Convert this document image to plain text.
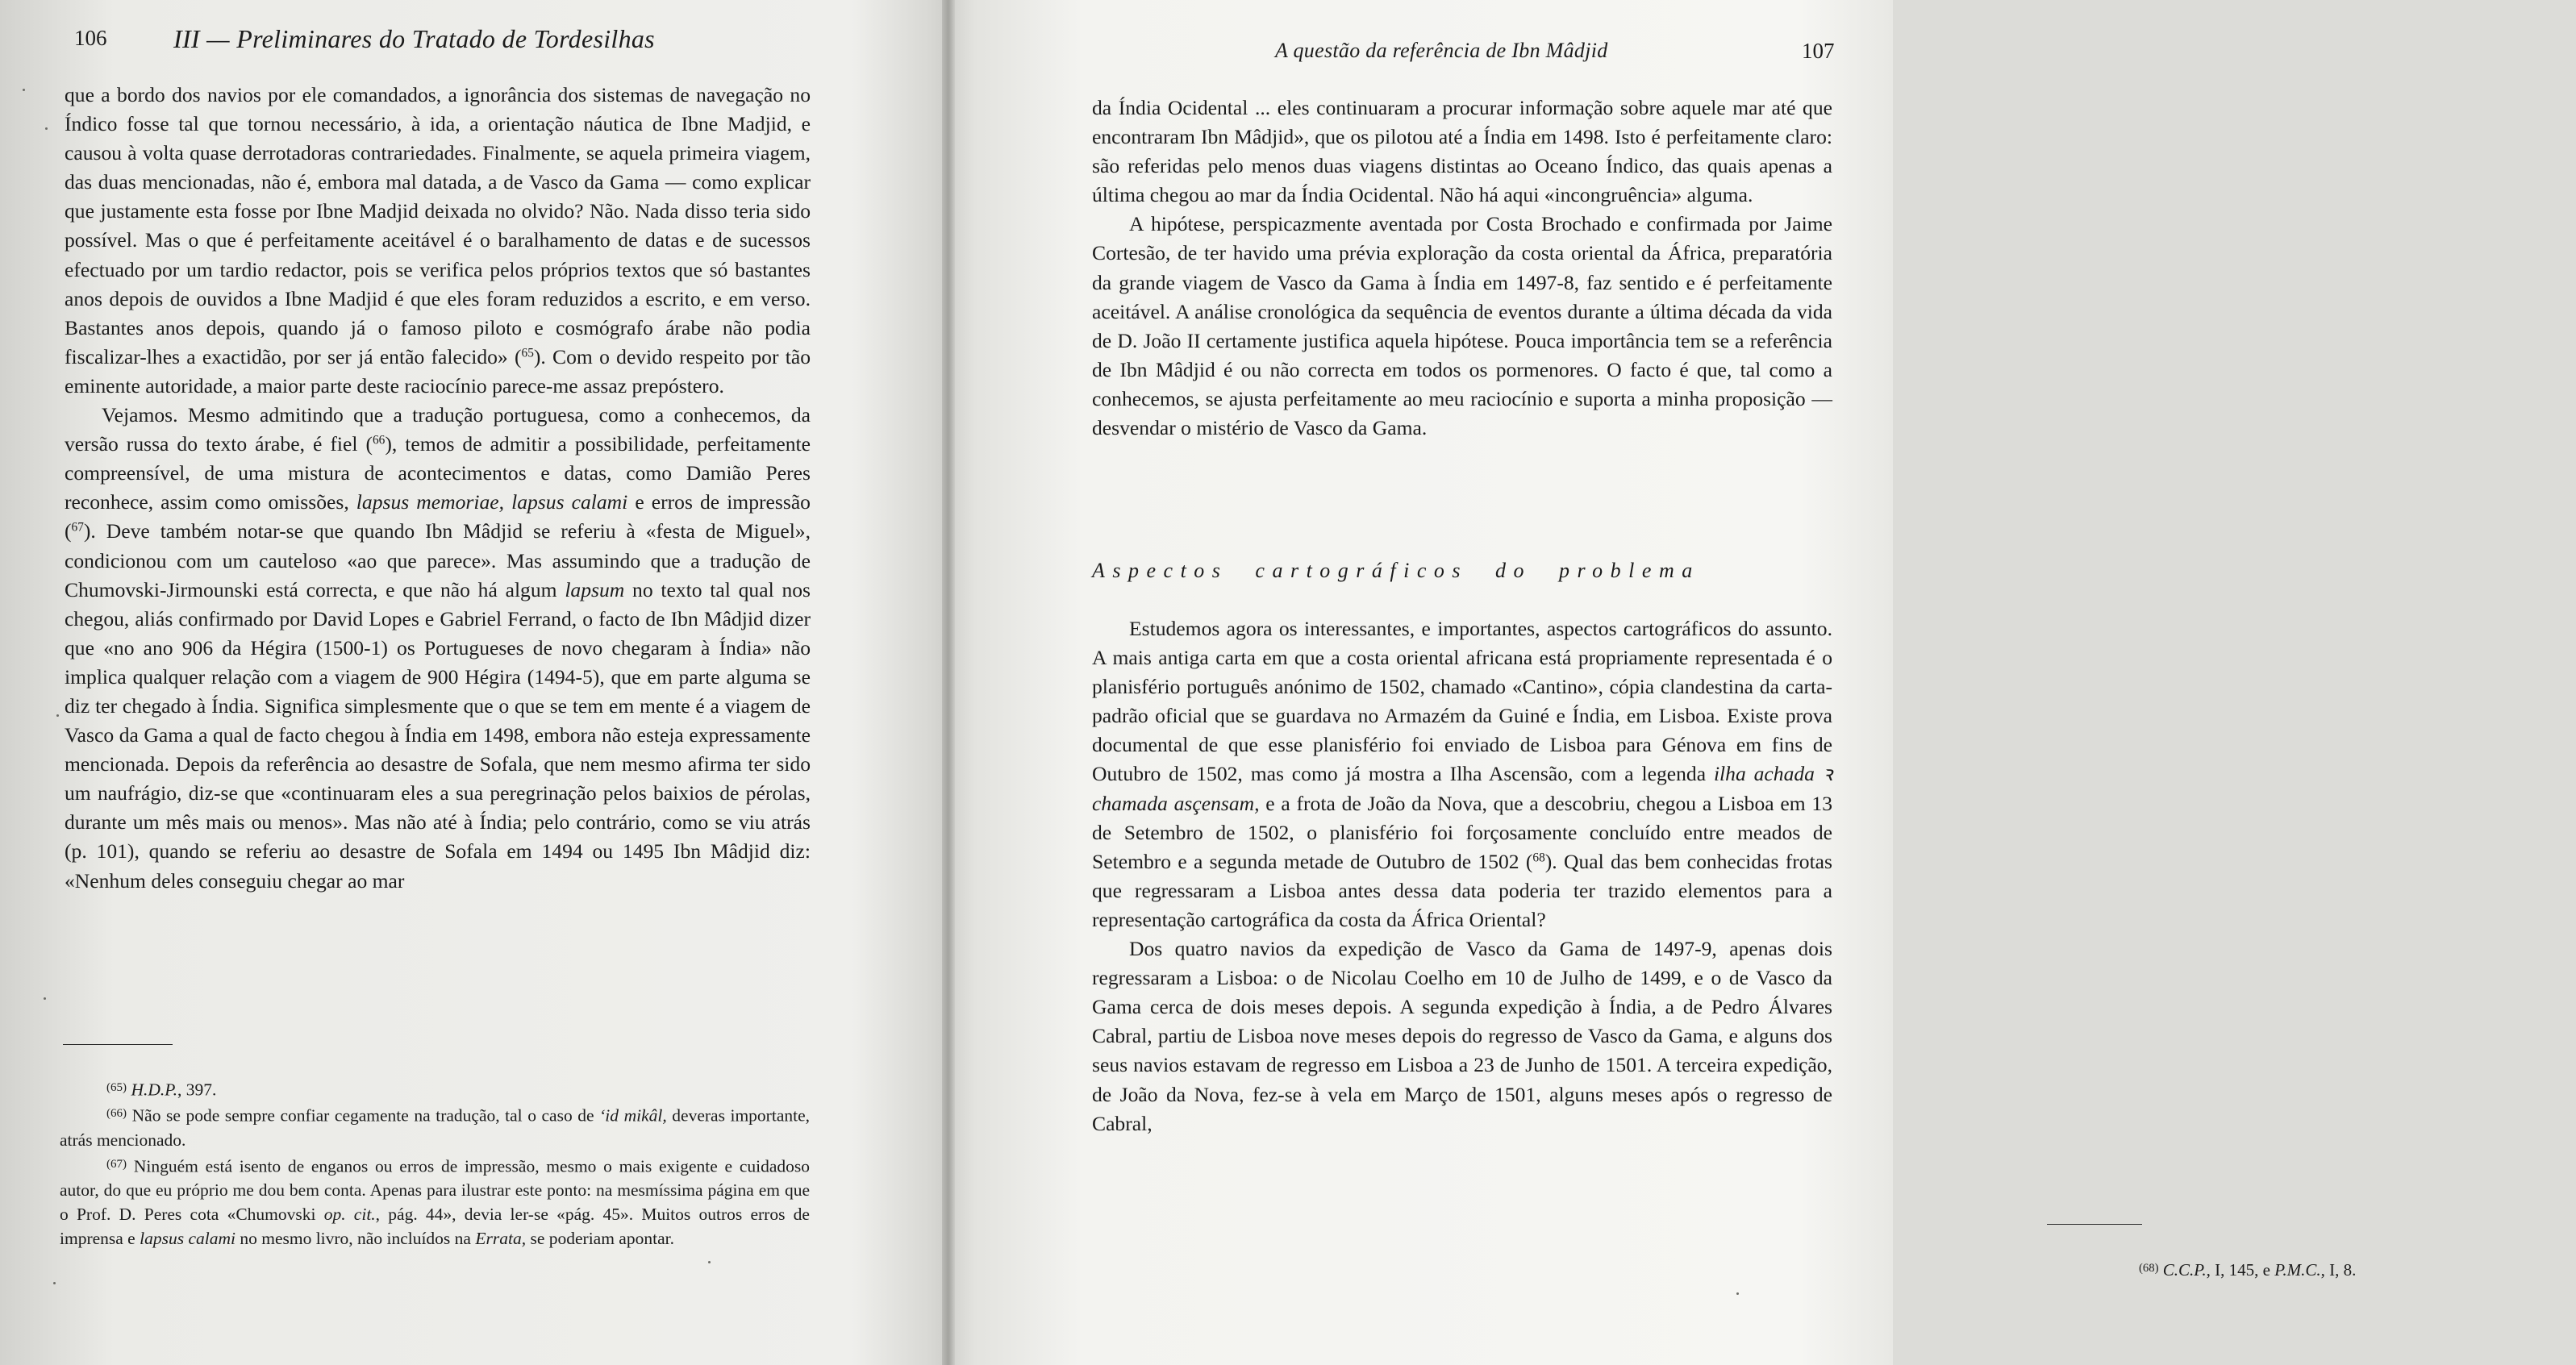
106	III — Preliminares do Tratado de Tordesilhas

que a bordo dos navios por ele comandados, a ignorância dos sistemas de navegação no Índico fosse tal que tornou necessário, à ida, a orientação náutica de Ibne Madjid, e causou à volta quase derrotadoras contrariedades. Finalmente, se aquela primeira viagem, das duas mencionadas, não é, embora mal datada, a de Vasco da Gama — como explicar que justamente esta fosse por Ibne Madjid deixada no olvido? Não. Nada disso teria sido possível. Mas o que é perfeitamente aceitável é o baralhamento de datas e de sucessos efectuado por um tardio redactor, pois se verifica pelos próprios textos que só bastantes anos depois de ouvidos a Ibne Madjid é que eles foram reduzidos a escrito, e em verso. Bastantes anos depois, quando já o famoso piloto e cosmógrafo árabe não podia fiscalizar-lhes a exactidão, por ser já então falecido» ($^{65}$). Com o devido respeito por tão eminente autoridade, a maior parte deste raciocínio parece-me assaz prepóstero.

Vejamos. Mesmo admitindo que a tradução portuguesa, como a conhecemos, da versão russa do texto árabe, é fiel ($^{66}$), temos de admitir a possibilidade, perfeitamente compreensível, de uma mistura de acontecimentos e datas, como Damião Peres reconhece, assim como omissões, lapsus memoriae, lapsus calami e erros de impressão ($^{67}$). Deve também notar-se que quando Ibn Mâdjid se referiu à «festa de Miguel», condicionou com um cauteloso «ao que parece». Mas assumindo que a tradução de Chumovski-Jirmounski está correcta, e que não há algum lapsum no texto tal qual nos chegou, aliás confirmado por David Lopes e Gabriel Ferrand, o facto de Ibn Mâdjid dizer que «no ano 906 da Hégira (1500-1) os Portugueses de novo chegaram à Índia» não implica qualquer relação com a viagem de 900 Hégira (1494-5), que em parte alguma se diz ter chegado à Índia. Significa simplesmente que o que se tem em mente é a viagem de Vasco da Gama a qual de facto chegou à Índia em 1498, embora não esteja expressamente mencionada. Depois da referência ao desastre de Sofala, que nem mesmo afirma ter sido um naufrágio, diz-se que «continuaram eles a sua peregrinação pelos baixios de pérolas, durante um mês mais ou menos». Mas não até à Índia; pelo contrário, como se viu atrás (p. 101), quando se referiu ao desastre de Sofala em 1494 ou 1495 Ibn Mâdjid diz: «Nenhum deles conseguiu chegar ao mar

$^{(65)}$ H.D.P., 397.

$^{(66)}$ Não se pode sempre confiar cegamente na tradução, tal o caso de ‘id mikâl, deveras importante, atrás mencionado.

$^{(67)}$ Ninguém está isento de enganos ou erros de impressão, mesmo o mais exigente e cuidadoso autor, do que eu próprio me dou bem conta. Apenas para ilustrar este ponto: na mesmíssima página em que o Prof. D. Peres cota «Chumovski op. cit., pág. 44», devia ler-se «pág. 45». Muitos outros erros de imprensa e lapsus calami no mesmo livro, não incluídos na Errata, se poderiam apontar.

A questão da referência de Ibn Mâdjid	107

da Índia Ocidental ... eles continuaram a procurar informação sobre aquele mar até que encontraram Ibn Mâdjid», que os pilotou até a Índia em 1498. Isto é perfeitamente claro: são referidas pelo menos duas viagens distintas ao Oceano Índico, das quais apenas a última chegou ao mar da Índia Ocidental. Não há aqui «incongruência» alguma.

A hipótese, perspicazmente aventada por Costa Brochado e confirmada por Jaime Cortesão, de ter havido uma prévia exploração da costa oriental da África, preparatória da grande viagem de Vasco da Gama à Índia em 1497-8, faz sentido e é perfeitamente aceitável. A análise cronológica da sequência de eventos durante a última década da vida de D. João II certamente justifica aquela hipótese. Pouca importância tem se a referência de Ibn Mâdjid é ou não correcta em todos os pormenores. O facto é que, tal como a conhecemos, se ajusta perfeitamente ao meu raciocínio e suporta a minha proposição — desvendar o mistério de Vasco da Gama.

Aspectos cartográficos do problema

Estudemos agora os interessantes, e importantes, aspectos cartográficos do assunto. A mais antiga carta em que a costa oriental africana está propriamente representada é o planisfério português anónimo de 1502, chamado «Cantino», cópia clandestina da carta-padrão oficial que se guardava no Armazém da Guiné e Índia, em Lisboa. Existe prova documental de que esse planisfério foi enviado de Lisboa para Génova em fins de Outubro de 1502, mas como já mostra a Ilha Ascensão, com a legenda ilha achada ꝛ chamada asçensam, e a frota de João da Nova, que a descobriu, chegou a Lisboa em 13 de Setembro de 1502, o planisfério foi forçosamente concluído entre meados de Setembro e a segunda metade de Outubro de 1502 ($^{68}$). Qual das bem conhecidas frotas que regressaram a Lisboa antes dessa data poderia ter trazido elementos para a representação cartográfica da costa da África Oriental?

Dos quatro navios da expedição de Vasco da Gama de 1497-9, apenas dois regressaram a Lisboa: o de Nicolau Coelho em 10 de Julho de 1499, e o de Vasco da Gama cerca de dois meses depois. A segunda expedição à Índia, a de Pedro Álvares Cabral, partiu de Lisboa nove meses depois do regresso de Vasco da Gama, e alguns dos seus navios estavam de regresso em Lisboa a 23 de Junho de 1501. A terceira expedição, de João da Nova, fez-se à vela em Março de 1501, alguns meses após o regresso de Cabral,

$^{(68)}$ C.C.P., I, 145, e P.M.C., I, 8.
